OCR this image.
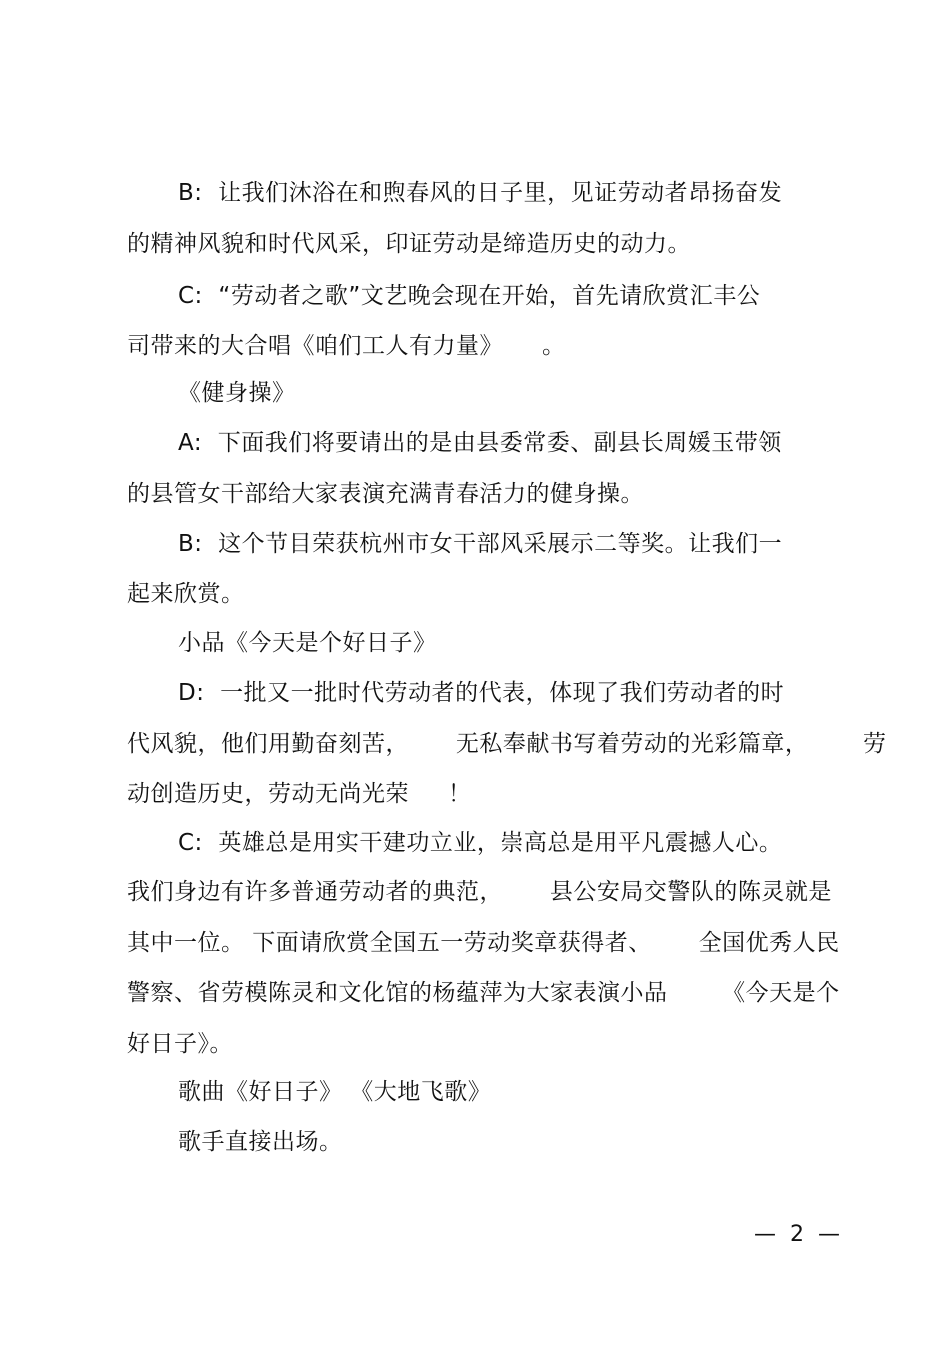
B:  让我们沐浴在和煦春风的日子里，见证劳动者昂扬奋发
的精神风貌和时代风采，印证劳动是缔造历史的动力。
C:  “劳动者之歌”文艺晚会现在开始，首先请欣赏汇丰公
司带来的大合唱《咱们工人有力量》     。
《健身操》
A:  下面我们将要请出的是由县委常委、副县长周媛玉带领
的县管女干部给大家表演充满青春活力的健身操。
B:  这个节目荣获杭州市女干部风采展示二等奖。让我们一
起来欣赏。
小品《今天是个好日子》
D:  一批又一批时代劳动者的代表，体现了我们劳动者的时
代风貌，他们用勤奋刻苦，      无私奉献书写着劳动的光彩篇章，       劳
动创造历史，劳动无尚光荣     ！
C:  英雄总是用实干建功立业，崇高总是用平凡震撼人心。
我们身边有许多普通劳动者的典范，      县公安局交警队的陈灵就是
其中一位。 下面请欣赏全国五一劳动奖章获得者、      全国优秀人民
警察、省劳模陈灵和文化馆的杨蕴萍为大家表演小品       《今天是个
好日子》。
歌曲《好日子》 《大地飞歌》
歌手直接出场。
—  2  —
